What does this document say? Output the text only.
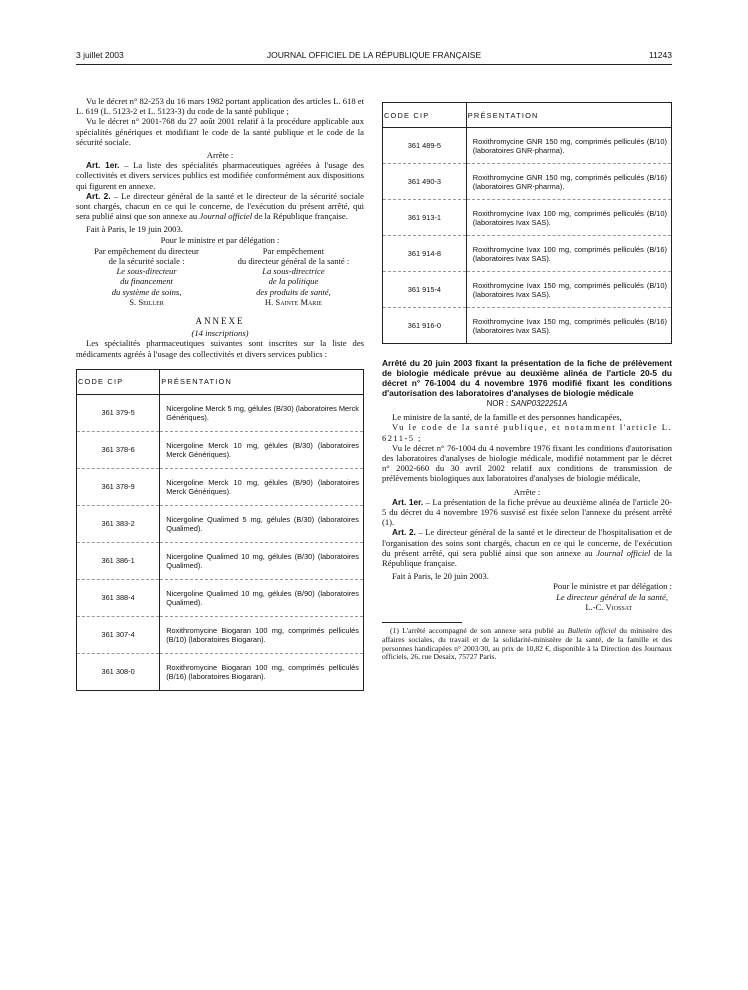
3 juillet 2003	JOURNAL OFFICIEL DE LA RÉPUBLIQUE FRANÇAISE	11243

Vu le décret n° 82-253 du 16 mars 1982 portant application des articles L. 618 et L. 619 (L. 5123-2 et L. 5123-3) du code de la santé publique ;

Vu le décret n° 2001-768 du 27 août 2001 relatif à la procédure applicable aux spécialités génériques et modifiant le code de la santé publique et le code de la sécurité sociale.

Arrête :

Art. 1er. – La liste des spécialités pharmaceutiques agréées à l'usage des collectivités et divers services publics est modifiée conformément aux dispositions qui figurent en annexe.

Art. 2. – Le directeur général de la santé et le directeur de la sécurité sociale sont chargés, chacun en ce qui le concerne, de l'exécution du présent arrêté, qui sera publié ainsi que son annexe au Journal officiel de la République française.

Fait à Paris, le 19 juin 2003.

Pour le ministre et par délégation :

Par empêchement du directeur
de la sécurité sociale :
Le sous-directeur
du financement
du système de soins,
S. Seiller
Par empêchement
du directeur général de la santé :
La sous-directrice
de la politique
des produits de santé,
H. Sainte Marie
ANNEXE
(14 inscriptions)

Les spécialités pharmaceutiques suivantes sont inscrites sur la liste des médicaments agréés à l'usage des collectivités et divers services publics :

CODE CIP	PRÉSENTATION
361 379-5	Nicergoline Merck 5 mg, gélules (B/30) (laboratoires Merck Génériques).
361 378-6	Nicergoline Merck 10 mg, gélules (B/30) (laboratoires Merck Génériques).
361 378-9	Nicergoline Merck 10 mg, gélules (B/90) (laboratoires Merck Génériques).
361 383-2	Nicergoline Qualimed 5 mg, gélules (B/30) (laboratoires Qualimed).
361 386-1	Nicergoline Qualimed 10 mg, gélules (B/30) (laboratoires Qualimed).
361 388-4	Nicergoline Qualimed 10 mg, gélules (B/90) (laboratoires Qualimed).
361 307-4	Roxithromycine Biogaran 100 mg, comprimés pelliculés (B/10) (laboratoires Biogaran).
361 308-0	Roxithromycine Biogaran 100 mg, comprimés pelliculés (B/16) (laboratoires Biogaran).
CODE CIP	PRÉSENTATION
361 489-5	Roxithromycine GNR 150 mg, comprimés pelliculés (B/10) (laboratoires GNR-pharma).
361 490-3	Roxithromycine GNR 150 mg, comprimés pelliculés (B/16) (laboratoires GNR-pharma).
361 913-1	Roxithromycine Ivax 100 mg, comprimés pelliculés (B/10) (laboratoires Ivax SAS).
361 914-8	Roxithromycine Ivax 100 mg, comprimés pelliculés (B/16) (laboratoires Ivax SAS).
361 915-4	Roxithromycine Ivax 150 mg, comprimés pelliculés (B/10) (laboratoires Ivax SAS).
361 916-0	Roxithromycine Ivax 150 mg, comprimés pelliculés (B/16) (laboratoires Ivax SAS).
Arrêté du 20 juin 2003 fixant la présentation de la fiche de prélèvement de biologie médicale prévue au deuxième alinéa de l'article 20-5 du décret n° 76-1004 du 4 novembre 1976 modifié fixant les conditions d'autorisation des laboratoires d'analyses de biologie médicale
NOR : SANP0322251A

Le ministre de la santé, de la famille et des personnes handicapées,

Vu le code de la santé publique, et notamment l'article L. 6211-5 ;

Vu le décret n° 76-1004 du 4 novembre 1976 fixant les conditions d'autorisation des laboratoires d'analyses de biologie médicale, modifié notamment par le décret n° 2002-660 du 30 avril 2002 relatif aux conditions de transmission de prélèvements biologiques aux laboratoires d'analyses de biologie médicale,

Arrête :

Art. 1er. – La présentation de la fiche prévue au deuxième alinéa de l'article 20-5 du décret du 4 novembre 1976 susvisé est fixée selon l'annexe du présent arrêté (1).

Art. 2. – Le directeur général de la santé et le directeur de l'hospitalisation et de l'organisation des soins sont chargés, chacun en ce qui le concerne, de l'exécution du présent arrêté, qui sera publié ainsi que son annexe au Journal officiel de la République française.

Fait à Paris, le 20 juin 2003.

Pour le ministre et par délégation :

Le directeur général de la santé,

L.-C. Viossat

(1) L'arrêté accompagné de son annexe sera publié au Bulletin officiel du ministère des affaires sociales, du travail et de la solidarité-ministère de la santé, de la famille et des personnes handicapées n° 2003/30, au prix de 10,82 €, disponible à la Direction des Journaux officiels, 26, rue Desaix, 75727 Paris.
